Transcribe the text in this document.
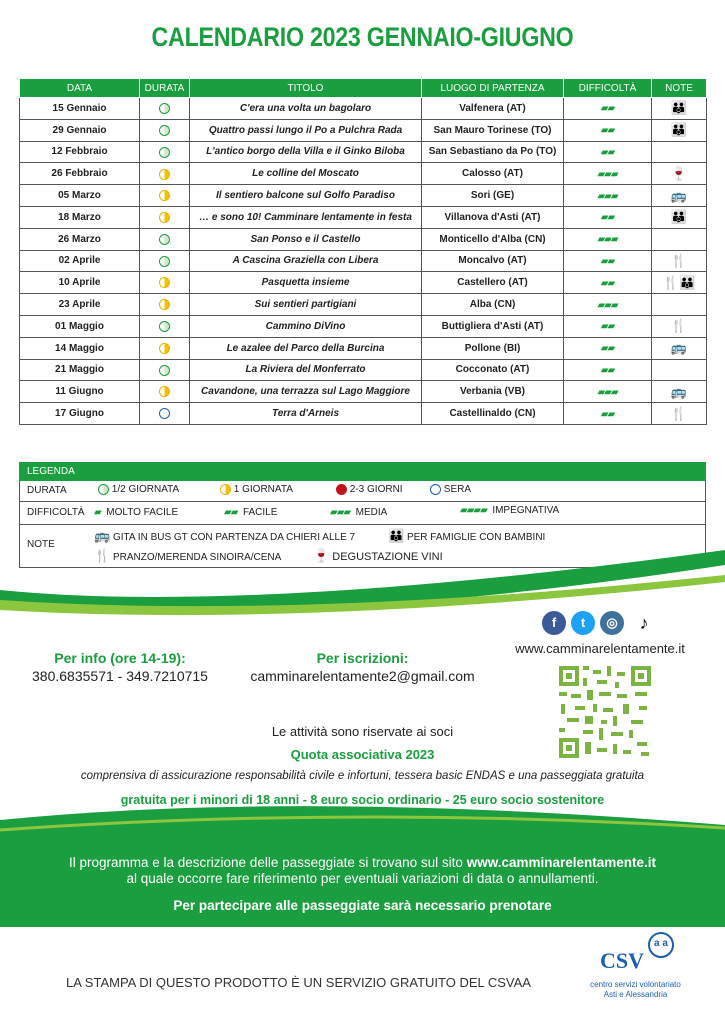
CALENDARIO 2023 GENNAIO-GIUGNO
DATA	DURATA	TITOLO	LUOGO DI PARTENZA	DIFFICOLTÀ	NOTE
15 Gennaio		C'era una volta un bagolaro	Valfenera (AT)	▰▰	👪
29 Gennaio		Quattro passi lungo il Po a Pulchra Rada	San Mauro Torinese (TO)	▰▰	👪
12 Febbraio		L'antico borgo della Villa e il Ginko Biloba	San Sebastiano da Po (TO)	▰▰	
26 Febbraio		Le colline del Moscato	Calosso (AT)	▰▰▰	🍷
05 Marzo		Il sentiero balcone sul Golfo Paradiso	Sori (GE)	▰▰▰	🚌
18 Marzo		… e sono 10! Camminare lentamente in festa	Villanova d'Asti (AT)	▰▰	👪
26 Marzo		San Ponso e il Castello	Monticello d'Alba (CN)	▰▰▰	
02 Aprile		A Cascina Graziella con Libera	Moncalvo (AT)	▰▰	🍴
10 Aprile		Pasquetta insieme	Castellero (AT)	▰▰	🍴👪
23 Aprile		Sui sentieri partigiani	Alba (CN)	▰▰▰	
01 Maggio		Cammino DiVino	Buttigliera d'Asti (AT)	▰▰	🍴
14 Maggio		Le azalee del Parco della Burcina	Pollone (BI)	▰▰	🚌
21 Maggio		La Riviera del Monferrato	Cocconato (AT)	▰▰	
11 Giugno		Cavandone, una terrazza sul Lago Maggiore	Verbania (VB)	▰▰▰	🚌
17 Giugno		Terra d'Arneis	Castellinaldo (CN)	▰▰	🍴
LEGENDA
DURATA	1/2 GIORNATA	1 GIORNATA	2-3 GIORNI	SERA
DIFFICOLTÀ ▰ MOLTO FACILE	▰▰ FACILE	▰▰▰ MEDIA	▰▰▰▰ IMPEGNATIVA
NOTE
🚌 GITA IN BUS GT CON PARTENZA DA CHIERI ALLE 7	👪 PER FAMIGLIE CON BAMBINI
🍴 PRANZO/MERENDA SINOIRA/CENA 🍷 DEGUSTAZIONE VINI
f	t	◎	♪
www.camminarelentamente.it
Per info (ore 14-19):
380.6835571 - 349.7210715
Per iscrizioni:
camminarelentamente2@gmail.com
Le attività sono riservate ai soci
Quota associativa 2023
comprensiva di assicurazione responsabilità civile e infortuni, tessera basic ENDAS e una passeggiata gratuita
gratuita per i minori di 18 anni - 8 euro socio ordinario - 25 euro socio sostenitore
Il programma e la descrizione delle passeggiate si trovano sul sito www.camminarelentamente.it
al quale occorre fare riferimento per eventuali variazioni di data o annullamenti.
Per partecipare alle passeggiate sarà necessario prenotare
LA STAMPA DI QUESTO PRODOTTO È UN SERVIZIO GRATUITO DEL CSVAA
CSV
a a
centro servizi volontariato
Asti e Alessandria
